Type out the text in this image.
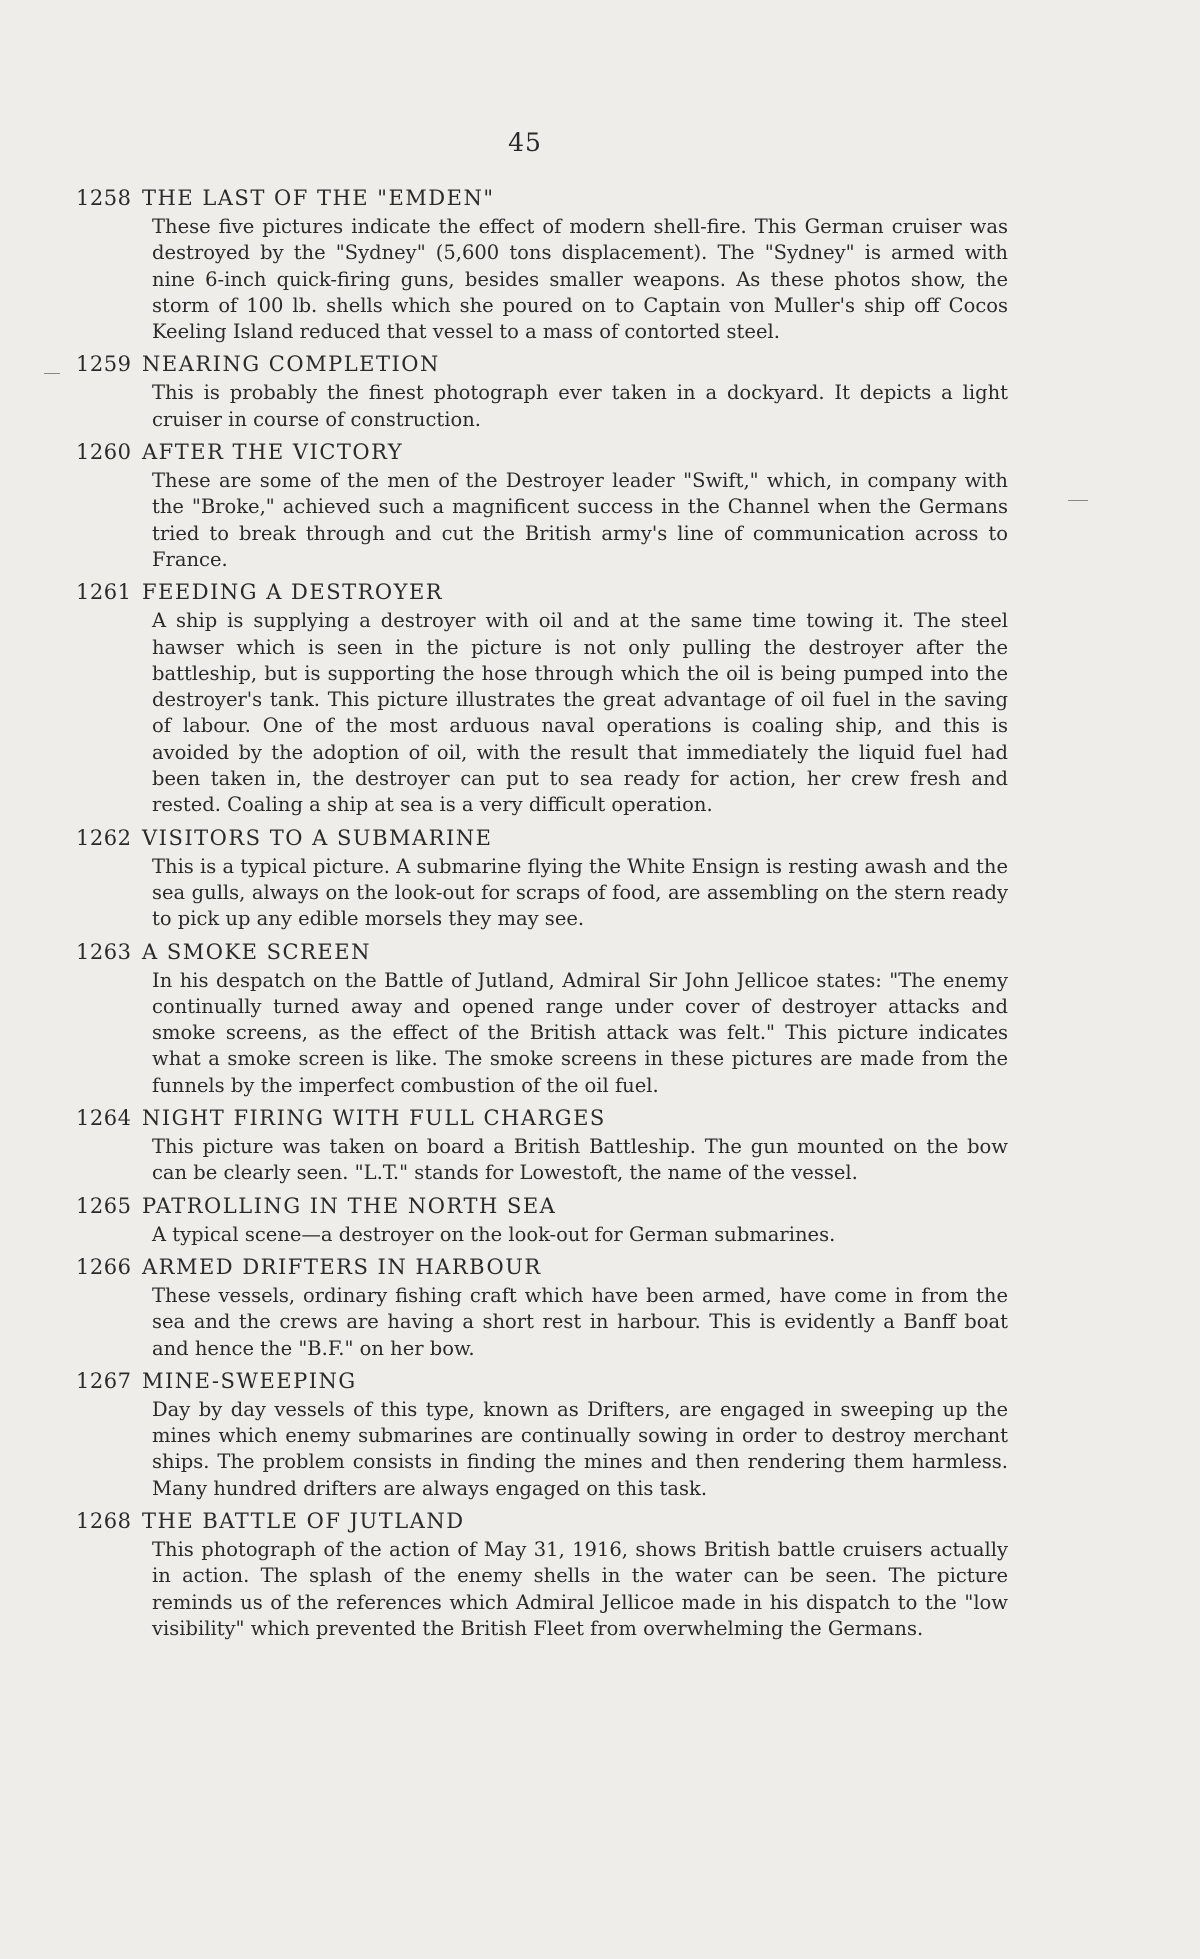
45
1258 THE LAST OF THE "EMDEN"
These five pictures indicate the effect of modern shell-fire. This German cruiser was destroyed by the "Sydney" (5,600 tons displacement). The "Sydney" is armed with nine 6-inch quick-firing guns, besides smaller weapons. As these photos show, the storm of 100 lb. shells which she poured on to Captain von Muller's ship off Cocos Keeling Island reduced that vessel to a mass of contorted steel.
1259 NEARING COMPLETION
This is probably the finest photograph ever taken in a dockyard. It depicts a light cruiser in course of construction.
1260 AFTER THE VICTORY
These are some of the men of the Destroyer leader "Swift," which, in company with the "Broke," achieved such a magnificent success in the Channel when the Germans tried to break through and cut the British army's line of communication across to France.
1261 FEEDING A DESTROYER
A ship is supplying a destroyer with oil and at the same time towing it. The steel hawser which is seen in the picture is not only pulling the destroyer after the battleship, but is supporting the hose through which the oil is being pumped into the destroyer's tank. This picture illustrates the great advantage of oil fuel in the saving of labour. One of the most arduous naval operations is coaling ship, and this is avoided by the adoption of oil, with the result that immediately the liquid fuel had been taken in, the destroyer can put to sea ready for action, her crew fresh and rested. Coaling a ship at sea is a very difficult operation.
1262 VISITORS TO A SUBMARINE
This is a typical picture. A submarine flying the White Ensign is resting awash and the sea gulls, always on the look-out for scraps of food, are assembling on the stern ready to pick up any edible morsels they may see.
1263 A SMOKE SCREEN
In his despatch on the Battle of Jutland, Admiral Sir John Jellicoe states: "The enemy continually turned away and opened range under cover of destroyer attacks and smoke screens, as the effect of the British attack was felt." This picture indicates what a smoke screen is like. The smoke screens in these pictures are made from the funnels by the imperfect combustion of the oil fuel.
1264 NIGHT FIRING WITH FULL CHARGES
This picture was taken on board a British Battleship. The gun mounted on the bow can be clearly seen. "L.T." stands for Lowestoft, the name of the vessel.
1265 PATROLLING IN THE NORTH SEA
A typical scene—a destroyer on the look-out for German submarines.
1266 ARMED DRIFTERS IN HARBOUR
These vessels, ordinary fishing craft which have been armed, have come in from the sea and the crews are having a short rest in harbour. This is evidently a Banff boat and hence the "B.F." on her bow.
1267 MINE-SWEEPING
Day by day vessels of this type, known as Drifters, are engaged in sweeping up the mines which enemy submarines are continually sowing in order to destroy merchant ships. The problem consists in finding the mines and then rendering them harmless. Many hundred drifters are always engaged on this task.
1268 THE BATTLE OF JUTLAND
This photograph of the action of May 31, 1916, shows British battle cruisers actually in action. The splash of the enemy shells in the water can be seen. The picture reminds us of the references which Admiral Jellicoe made in his dispatch to the "low visibility" which prevented the British Fleet from overwhelming the Germans.
